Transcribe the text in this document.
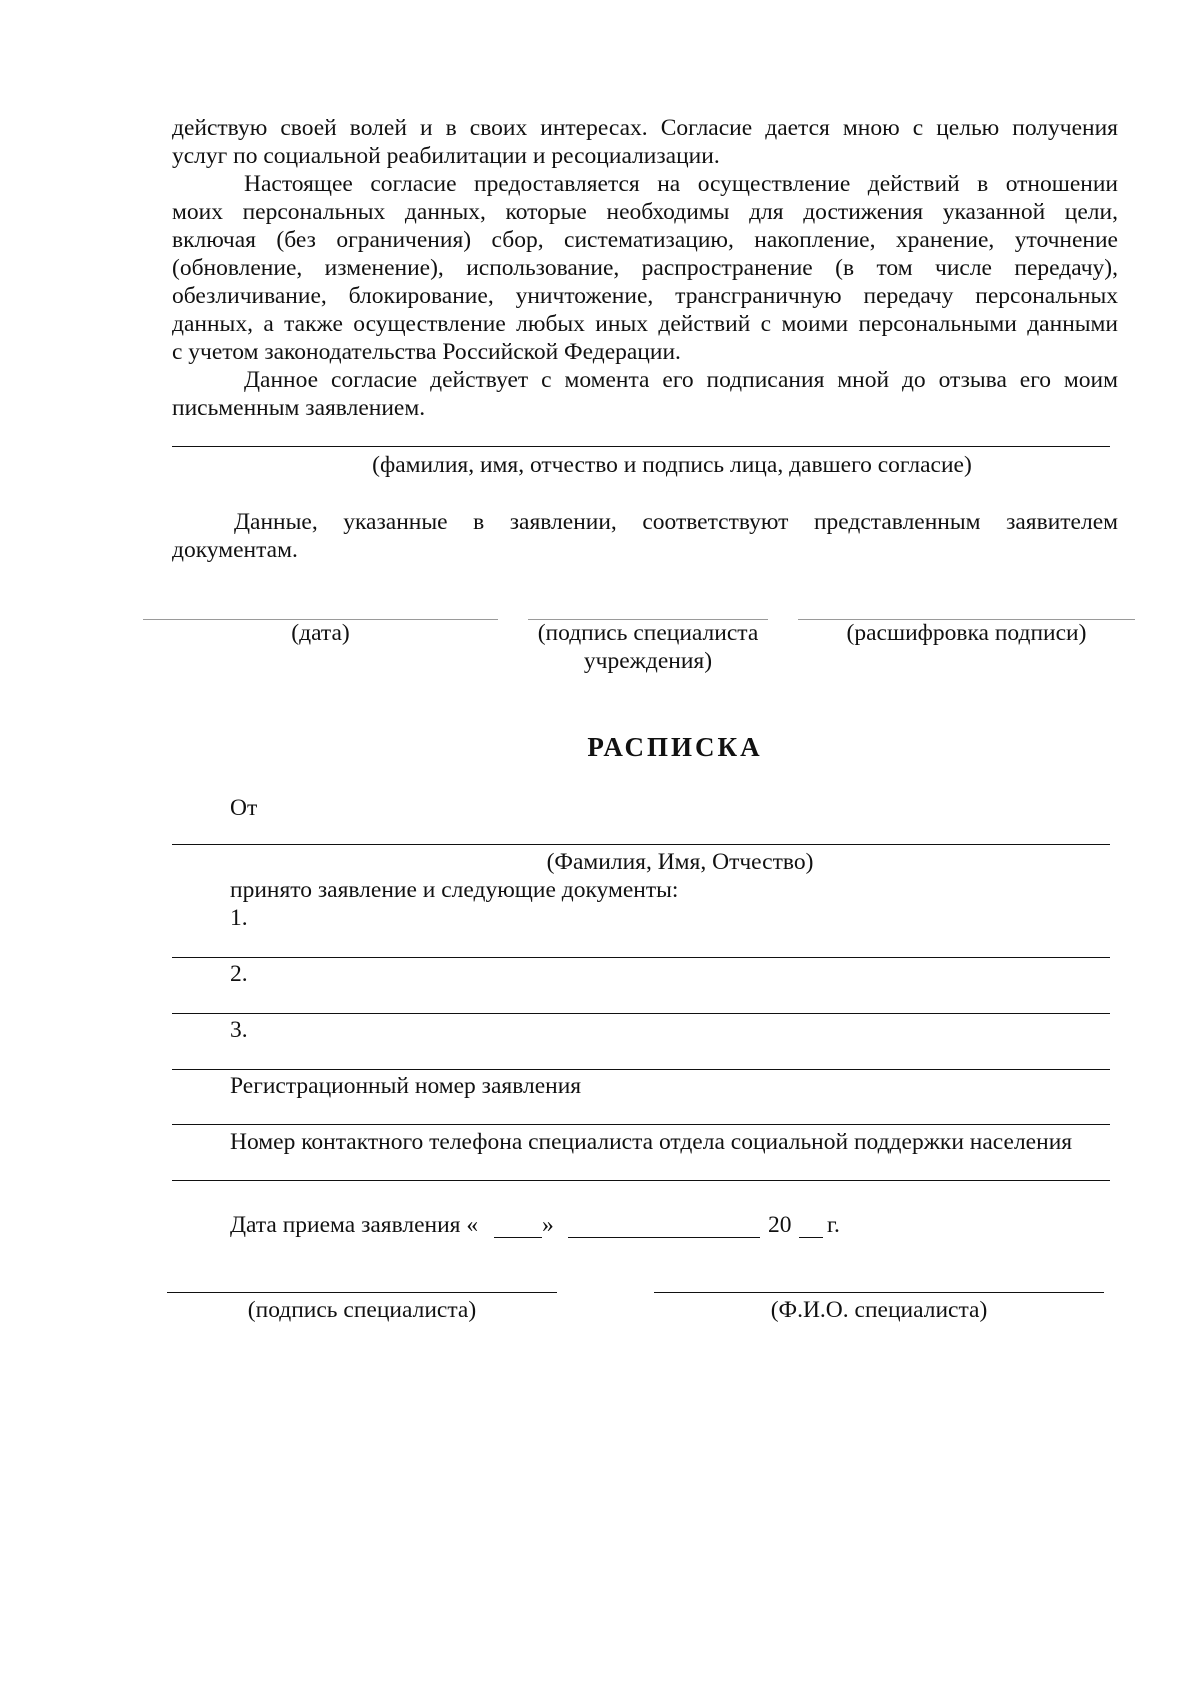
действую своей волей и в своих интересах. Согласие дается мною с целью получения
услуг по социальной реабилитации и ресоциализации.
Настоящее согласие предоставляется на осуществление действий в отношении
моих персональных данных, которые необходимы для достижения указанной цели,
включая (без ограничения) сбор, систематизацию, накопление, хранение, уточнение
(обновление, изменение), использование, распространение (в том числе передачу),
обезличивание, блокирование, уничтожение, трансграничную передачу персональных
данных, а также осуществление любых иных действий с моими персональными данными
с учетом законодательства Российской Федерации.
Данное согласие действует с момента его подписания мной до отзыва его моим
письменным заявлением.
(фамилия, имя, отчество и подпись лица, давшего согласие)
Данные, указанные в заявлении, соответствуют представленным заявителем
документам.
(дата)	(подпись специалиста
учреждения)
(расшифровка подписи)
РАСПИСКА
От
(Фамилия, Имя, Отчество)
принято заявление и следующие документы:
1.
2.
3.
Регистрационный номер заявления
Номер контактного телефона специалиста отдела социальной поддержки населения
Дата приема заявления «	»	20 г.
(подпись специалиста)	(Ф.И.О. специалиста)
